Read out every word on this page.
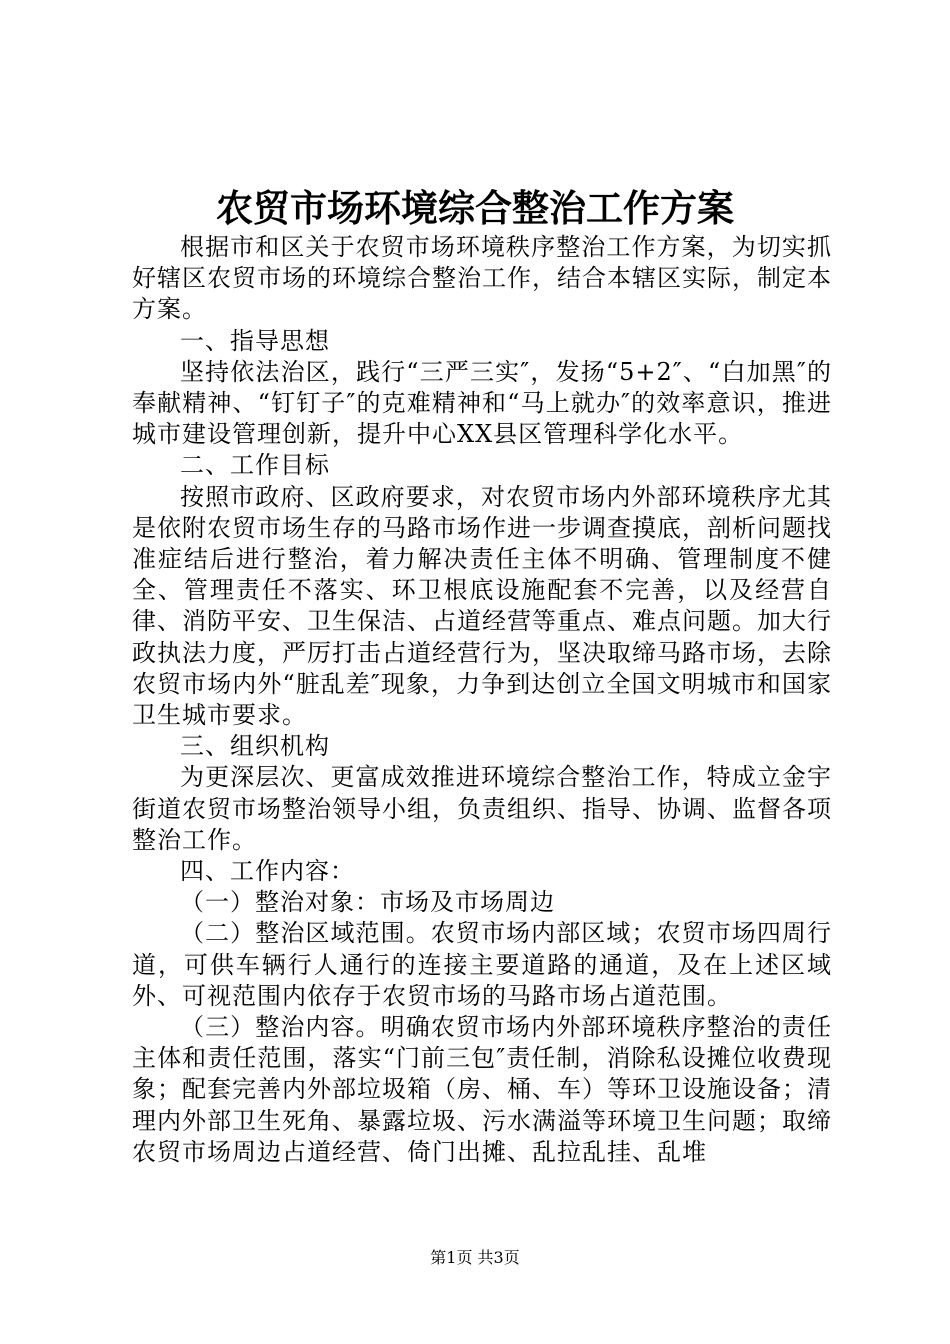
农贸市场环境综合整治工作方案

根据市和区关于农贸市场环境秩序整治工作方案，为切实抓好辖区农贸市场的环境综合整治工作，结合本辖区实际，制定本方案。

一、指导思想

坚持依法治区，践行“三严三实″，发扬“5+2″、“白加黑″的奉献精神、“钉钉子″的克难精神和“马上就办″的效率意识，推进城市建设管理创新，提升中心XX县区管理科学化水平。

二、工作目标

按照市政府、区政府要求，对农贸市场内外部环境秩序尤其是依附农贸市场生存的马路市场作进一步调查摸底，剖析问题找准症结后进行整治，着力解决责任主体不明确、管理制度不健全、管理责任不落实、环卫根底设施配套不完善，以及经营自律、消防平安、卫生保洁、占道经营等重点、难点问题。加大行政执法力度，严厉打击占道经营行为，坚决取缔马路市场，去除农贸市场内外“脏乱差″现象，力争到达创立全国文明城市和国家卫生城市要求。

三、组织机构

为更深层次、更富成效推进环境综合整治工作，特成立金宇街道农贸市场整治领导小组，负责组织、指导、协调、监督各项整治工作。

四、工作内容：

（一）整治对象：市场及市场周边

（二）整治区域范围。农贸市场内部区域；农贸市场四周行道，可供车辆行人通行的连接主要道路的通道，及在上述区域外、可视范围内依存于农贸市场的马路市场占道范围。

（三）整治内容。明确农贸市场内外部环境秩序整治的责任主体和责任范围，落实“门前三包″责任制，消除私设摊位收费现象；配套完善内外部垃圾箱（房、桶、车）等环卫设施设备；清理内外部卫生死角、暴露垃圾、污水满溢等环境卫生问题；取缔农贸市场周边占道经营、倚门出摊、乱拉乱挂、乱堆

第1页 共3页
